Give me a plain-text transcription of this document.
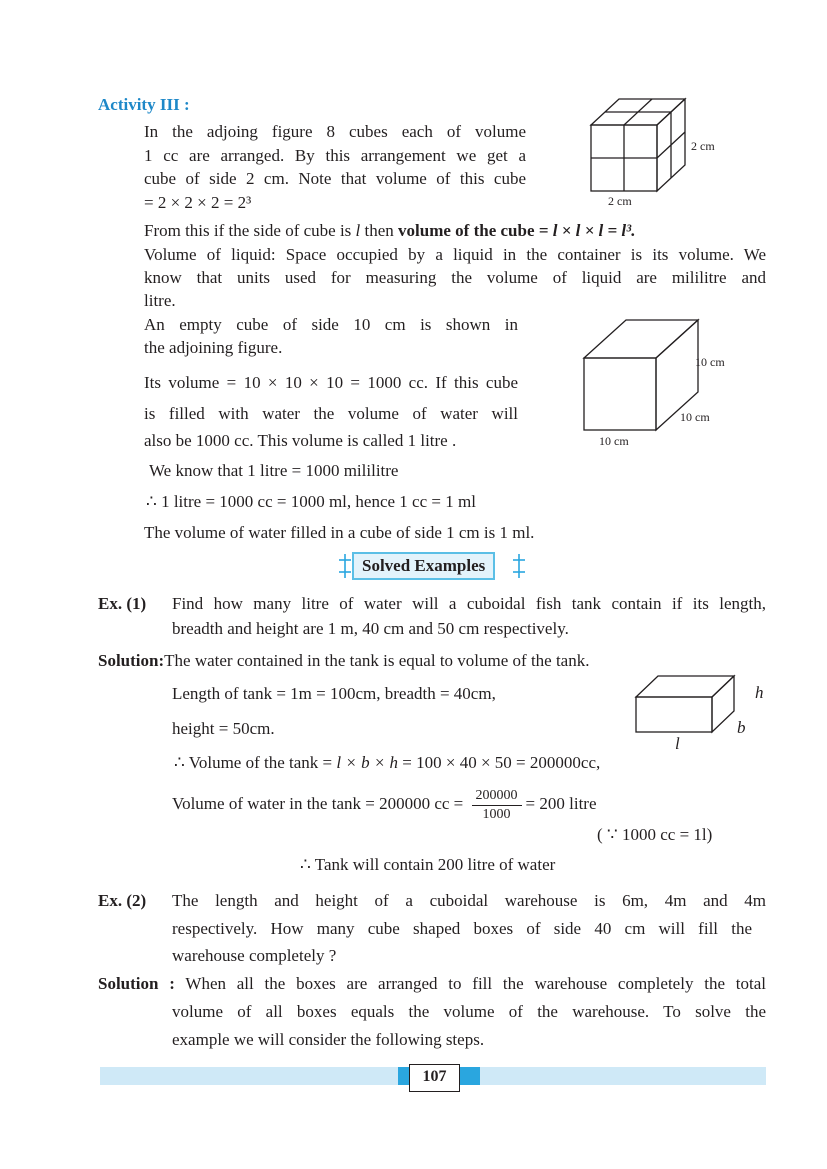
Activity III :
In the adjoing figure 8 cubes each of volume
1 cc are arranged. By this arrangement we get a
cube of side 2 cm. Note that volume of this cube
= 2 × 2 × 2 = 2³
2 cm
2 cm
From this if the side of cube is l then volume of the cube = l × l × l = l³.
Volume of liquid: Space occupied by a liquid in the container is its volume. We
know that units used for measuring the volume of liquid are mililitre and
litre.
An empty cube of side 10 cm is shown in
the adjoining figure.
10 cm
10 cm
10 cm
Its volume = 10 × 10 × 10 = 1000 cc. If this cube
is filled with water the volume of water will
also be 1000 cc. This volume is called 1 litre .
We know that 1 litre = 1000 mililitre
∴ 1 litre = 1000 cc = 1000 ml, hence 1 cc = 1 ml
The volume of water filled in a cube of side 1 cm is 1 ml.
Solved Examples
Ex. (1) Find how many litre of water will a cuboidal fish tank contain if its length,
breadth and height are 1 m, 40 cm and 50 cm respectively.
Solution:The water contained in the tank is equal to volume of the tank.
Length of tank = 1m = 100cm, breadth = 40cm,
height = 50cm.
h
b
l
∴ Volume of the tank = l × b × h = 100 × 40 × 50 = 200000cc,
Volume of water in the tank = 200000 cc = $\frac{200000}{1000} = 200$ litre
( ∵ 1000 cc = 1l)
∴ Tank will contain 200 litre of water
Ex. (2) The length and height of a cuboidal warehouse is 6m, 4m and 4m
respectively. How many cube shaped boxes of side 40 cm will fill the
warehouse completely ?
Solution : When all the boxes are arranged to fill the warehouse completely the total
volume of all boxes equals the volume of the warehouse. To solve the
example we will consider the following steps.
107
